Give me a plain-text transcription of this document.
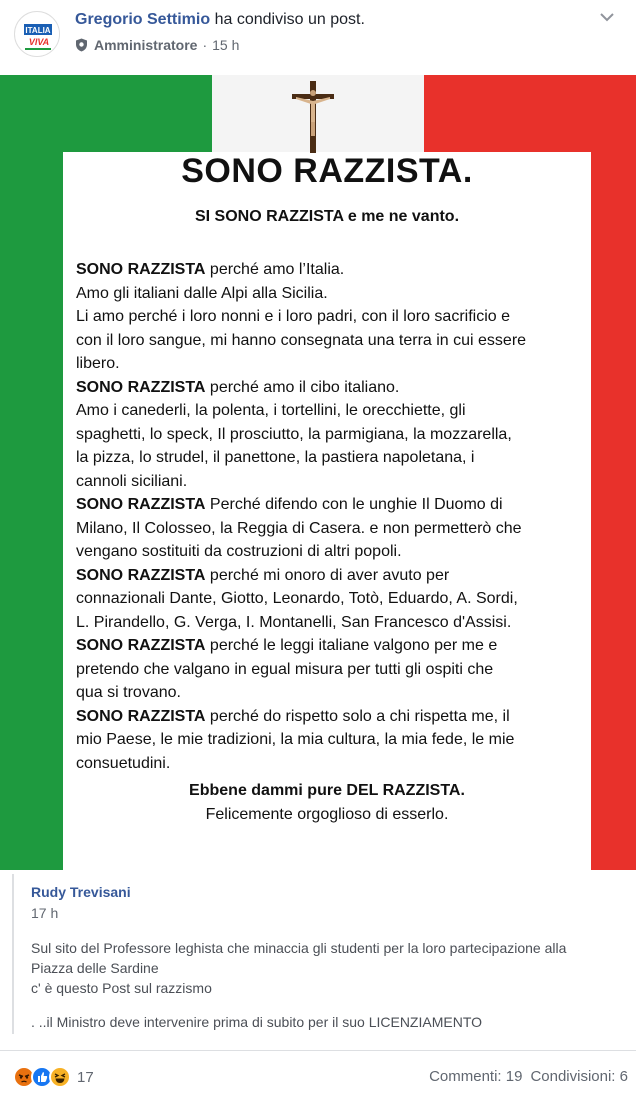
ITALIA
VIVA
Gregorio Settimio ha condiviso un post.
Amministratore · 15 h
SONO RAZZISTA.
SI SONO RAZZISTA e me ne vanto.
SONO RAZZISTA perché amo l’Italia.
Amo gli italiani dalle Alpi alla Sicilia.
Li amo perché i loro nonni e i loro padri, con il loro sacrificio e
con il loro sangue, mi hanno consegnata una terra in cui essere
libero.
SONO RAZZISTA perché amo il cibo italiano.
Amo i canederli, la polenta, i tortellini, le orecchiette, gli
spaghetti, lo speck, Il prosciutto, la parmigiana, la mozzarella,
la pizza, lo strudel, il panettone, la pastiera napoletana, i
cannoli siciliani.
SONO RAZZISTA Perché difendo con le unghie Il Duomo di
Milano, Il Colosseo, la Reggia di Casera. e non permetterò che
vengano sostituiti da costruzioni di altri popoli.
SONO RAZZISTA perché mi onoro di aver avuto per
connazionali Dante, Giotto, Leonardo, Totò, Eduardo, A. Sordi,
L. Pirandello, G. Verga, I. Montanelli, San Francesco d'Assisi.
SONO RAZZISTA perché le leggi italiane valgono per me e
pretendo che valgano in egual misura per tutti gli ospiti che
qua si trovano.
SONO RAZZISTA perché do rispetto solo a chi rispetta me, il
mio Paese, le mie tradizioni, la mia cultura, la mia fede, le mie
consuetudini.
Ebbene dammi pure DEL RAZZISTA.
Felicemente orgoglioso di esserlo.
Rudy Trevisani
17 h
Sul sito del Professore leghista che minaccia gli studenti per la loro partecipazione alla
Piazza delle Sardine
c' è questo Post sul razzismo
. ..il Ministro deve intervenire prima di subito per il suo LICENZIAMENTO
17	Commenti: 19 Condivisioni: 6
